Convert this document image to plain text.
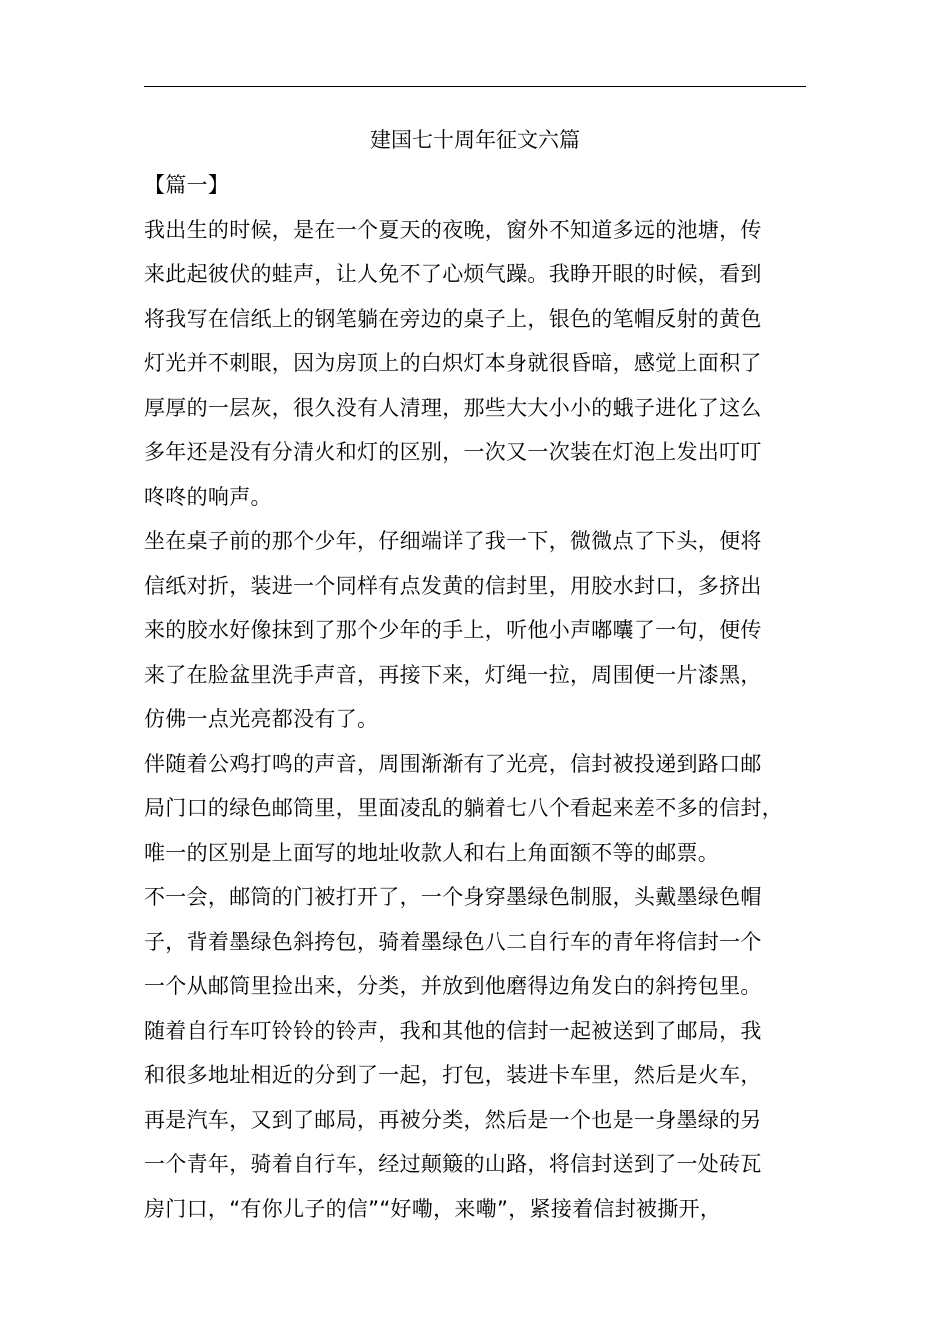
建国七十周年征文六篇
【篇一】
我出生的时候，是在一个夏天的夜晚，窗外不知道多远的池塘，传
来此起彼伏的蛙声，让人免不了心烦气躁。我睁开眼的时候，看到
将我写在信纸上的钢笔躺在旁边的桌子上，银色的笔帽反射的黄色
灯光并不刺眼，因为房顶上的白炽灯本身就很昏暗，感觉上面积了
厚厚的一层灰，很久没有人清理，那些大大小小的蛾子进化了这么
多年还是没有分清火和灯的区别，一次又一次装在灯泡上发出叮叮
咚咚的响声。
坐在桌子前的那个少年，仔细端详了我一下，微微点了下头，便将
信纸对折，装进一个同样有点发黄的信封里，用胶水封口，多挤出
来的胶水好像抹到了那个少年的手上，听他小声嘟囔了一句，便传
来了在脸盆里洗手声音，再接下来，灯绳一拉，周围便一片漆黑，
仿佛一点光亮都没有了。
伴随着公鸡打鸣的声音，周围渐渐有了光亮，信封被投递到路口邮
局门口的绿色邮筒里，里面凌乱的躺着七八个看起来差不多的信封，
唯一的区别是上面写的地址收款人和右上角面额不等的邮票。
不一会，邮筒的门被打开了，一个身穿墨绿色制服，头戴墨绿色帽
子，背着墨绿色斜挎包，骑着墨绿色八二自行车的青年将信封一个
一个从邮筒里捡出来，分类，并放到他磨得边角发白的斜挎包里。
随着自行车叮铃铃的铃声，我和其他的信封一起被送到了邮局，我
和很多地址相近的分到了一起，打包，装进卡车里，然后是火车，
再是汽车，又到了邮局，再被分类，然后是一个也是一身墨绿的另
一个青年，骑着自行车，经过颠簸的山路，将信封送到了一处砖瓦
房门口，“有你儿子的信”“好嘞，来嘞”，紧接着信封被撕开，
